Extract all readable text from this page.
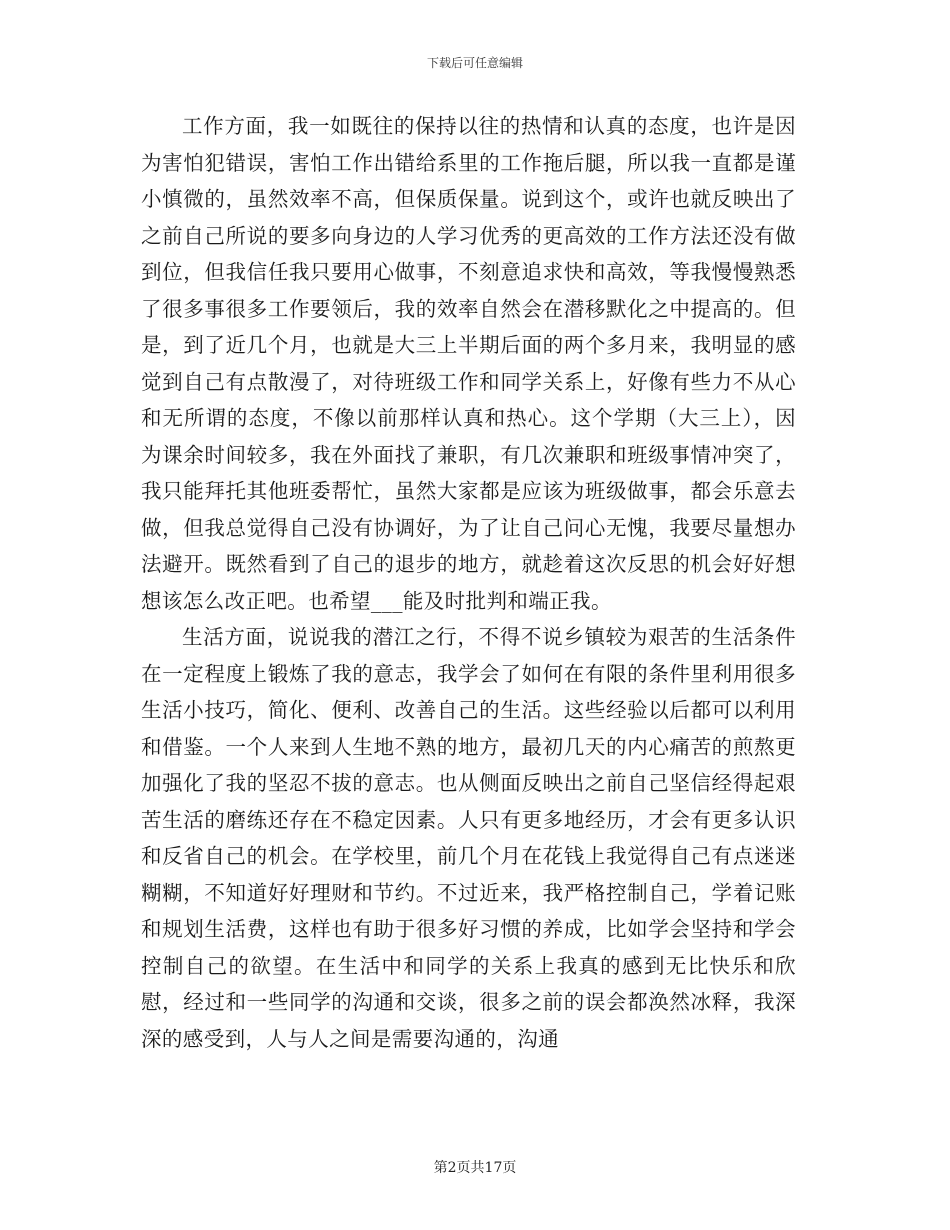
下载后可任意编辑

工作方面，我一如既往的保持以往的热情和认真的态度，也许是因为害怕犯错误，害怕工作出错给系里的工作拖后腿，所以我一直都是谨小慎微的，虽然效率不高，但保质保量。说到这个，或许也就反映出了之前自己所说的要多向身边的人学习优秀的更高效的工作方法还没有做到位，但我信任我只要用心做事，不刻意追求快和高效，等我慢慢熟悉了很多事很多工作要领后，我的效率自然会在潜移默化之中提高的。但是，到了近几个月，也就是大三上半期后面的两个多月来，我明显的感觉到自己有点散漫了，对待班级工作和同学关系上，好像有些力不从心和无所谓的态度，不像以前那样认真和热心。这个学期（大三上），因为课余时间较多，我在外面找了兼职，有几次兼职和班级事情冲突了，我只能拜托其他班委帮忙，虽然大家都是应该为班级做事，都会乐意去做，但我总觉得自己没有协调好，为了让自己问心无愧，我要尽量想办法避开。既然看到了自己的退步的地方，就趁着这次反思的机会好好想想该怎么改正吧。也希望___能及时批判和端正我。

生活方面，说说我的潜江之行，不得不说乡镇较为艰苦的生活条件在一定程度上锻炼了我的意志，我学会了如何在有限的条件里利用很多生活小技巧，简化、便利、改善自己的生活。这些经验以后都可以利用和借鉴。一个人来到人生地不熟的地方，最初几天的内心痛苦的煎熬更加强化了我的坚忍不拔的意志。也从侧面反映出之前自己坚信经得起艰苦生活的磨练还存在不稳定因素。人只有更多地经历，才会有更多认识和反省自己的机会。在学校里，前几个月在花钱上我觉得自己有点迷迷糊糊，不知道好好理财和节约。不过近来，我严格控制自己，学着记账和规划生活费，这样也有助于很多好习惯的养成，比如学会坚持和学会控制自己的欲望。在生活中和同学的关系上我真的感到无比快乐和欣慰，经过和一些同学的沟通和交谈，很多之前的误会都涣然冰释，我深深的感受到，人与人之间是需要沟通的，沟通

第2页共17页
